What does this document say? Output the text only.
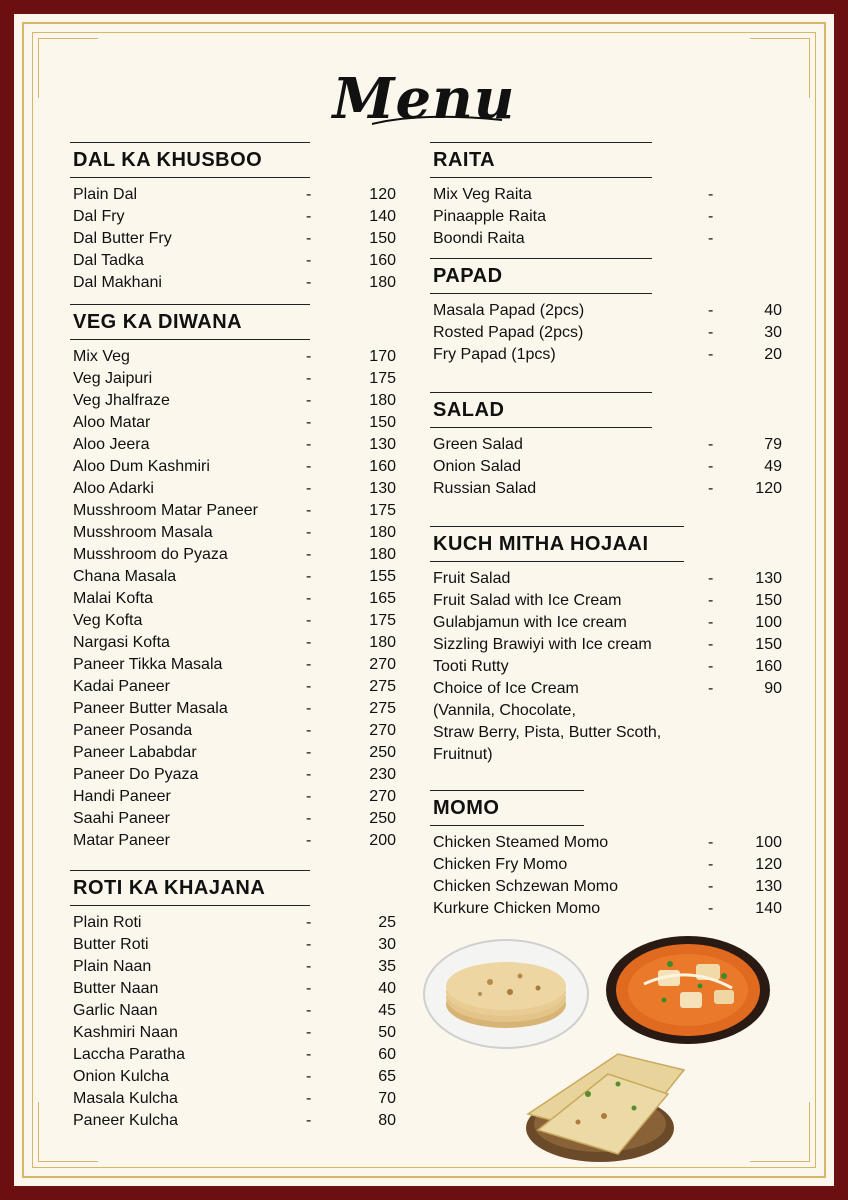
Menu
DAL KA KHUSBOO
Plain Dal	-	120
Dal Fry	-	140
Dal Butter Fry	-	150
Dal Tadka	-	160
Dal Makhani	-	180
VEG KA DIWANA
Mix Veg	-	170
Veg Jaipuri	-	175
Veg Jhalfraze	-	180
Aloo Matar	-	150
Aloo Jeera	-	130
Aloo Dum Kashmiri	-	160
Aloo Adarki	-	130
Musshroom Matar Paneer	-	175
Musshroom Masala	-	180
Musshroom do Pyaza	-	180
Chana Masala	-	155
Malai Kofta	-	165
Veg Kofta	-	175
Nargasi Kofta	-	180
Paneer Tikka Masala	-	270
Kadai Paneer	-	275
Paneer Butter Masala	-	275
Paneer Posanda	-	270
Paneer Lababdar	-	250
Paneer Do Pyaza	-	230
Handi Paneer	-	270
Saahi Paneer	-	250
Matar Paneer	-	200
ROTI KA KHAJANA
Plain Roti	-	25
Butter Roti	-	30
Plain Naan	-	35
Butter Naan	-	40
Garlic Naan	-	45
Kashmiri Naan	-	50
Laccha Paratha	-	60
Onion Kulcha	-	65
Masala Kulcha	-	70
Paneer Kulcha	-	80
RAITA
Mix Veg Raita	-
Pinaapple Raita	-
Boondi Raita	-
PAPAD
Masala Papad (2pcs)	-	40
Rosted Papad (2pcs)	-	30
Fry Papad (1pcs)	-	20
SALAD
Green Salad	-	79
Onion Salad	-	49
Russian Salad	-	120
KUCH MITHA HOJAAI
Fruit Salad	-	130
Fruit Salad with Ice Cream	-	150
Gulabjamun with Ice cream	-	100
Sizzling Brawiyi with Ice cream	-	150
Tooti Rutty	-	160
Choice of Ice Cream	-	90
(Vannila, Chocolate,
Straw Berry, Pista, Butter Scoth,
Fruitnut)
MOMO
Chicken Steamed Momo	-	100
Chicken Fry Momo	-	120
Chicken Schzewan Momo	-	130
Kurkure Chicken Momo	-	140
